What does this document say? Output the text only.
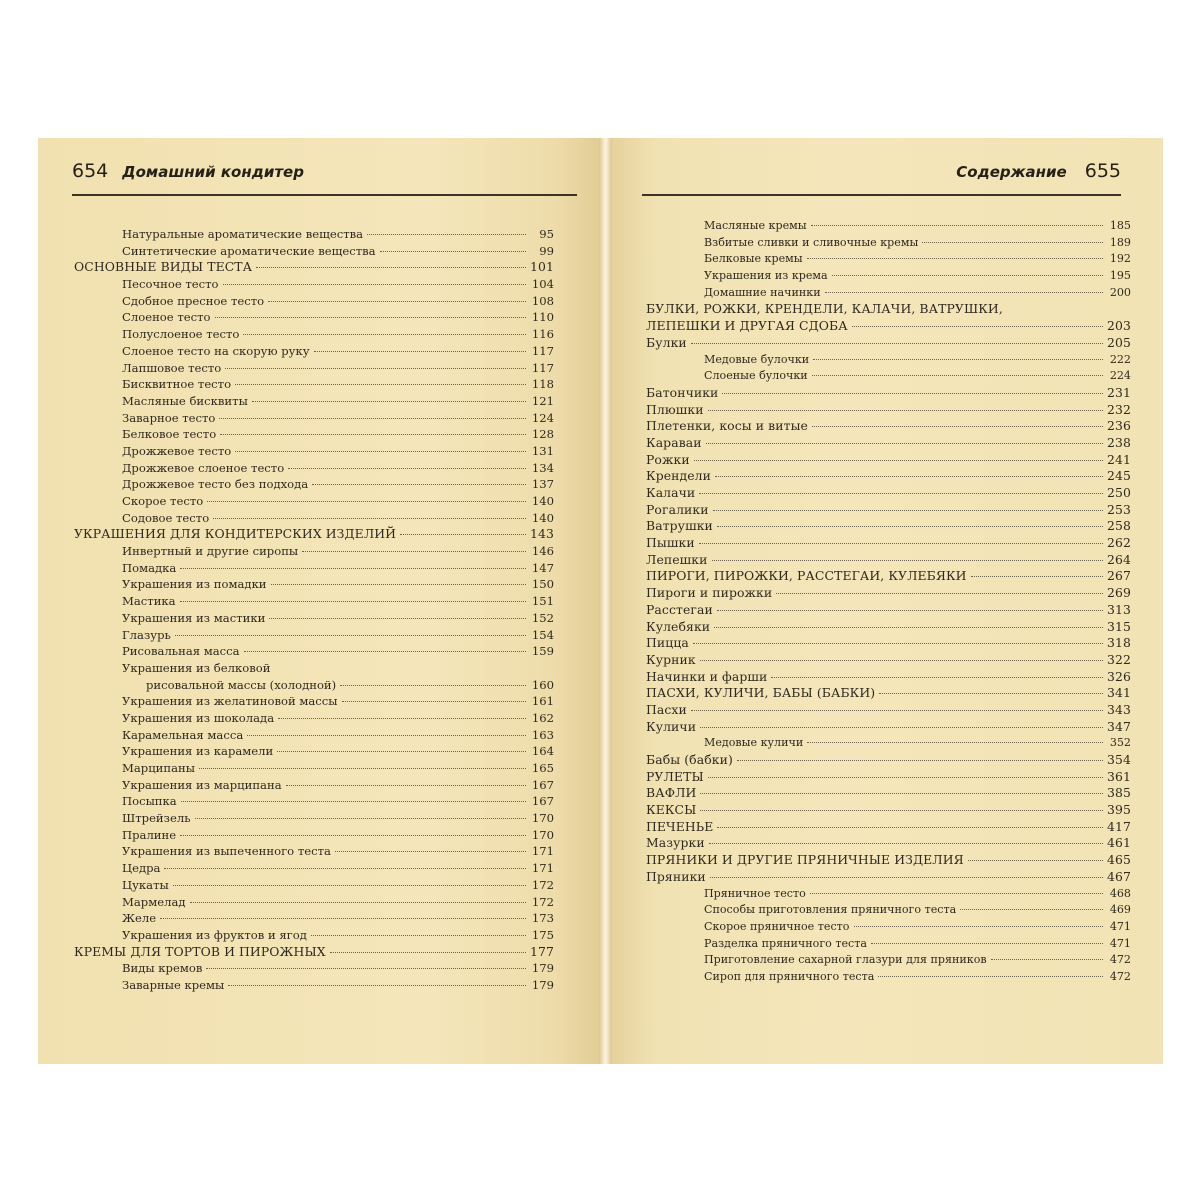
654 Домашний кондитер
Натуральные ароматические вещества	95
Синтетические ароматические вещества	99
ОСНОВНЫЕ ВИДЫ ТЕСТА	101
Песочное тесто	104
Сдобное пресное тесто	108
Слоеное тесто	110
Полуслоеное тесто	116
Слоеное тесто на скорую руку	117
Лапшовое тесто	117
Бисквитное тесто	118
Масляные бисквиты	121
Заварное тесто	124
Белковое тесто	128
Дрожжевое тесто	131
Дрожжевое слоеное тесто	134
Дрожжевое тесто без подхода	137
Скорое тесто	140
Содовое тесто	140
УКРАШЕНИЯ ДЛЯ КОНДИТЕРСКИХ ИЗДЕЛИЙ	143
Инвертный и другие сиропы	146
Помадка	147
Украшения из помадки	150
Мастика	151
Украшения из мастики	152
Глазурь	154
Рисовальная масса	159
Украшения из белковой
рисовальной массы (холодной)	160
Украшения из желатиновой массы	161
Украшения из шоколада	162
Карамельная масса	163
Украшения из карамели	164
Марципаны	165
Украшения из марципана	167
Посыпка	167
Штрейзель	170
Пралине	170
Украшения из выпеченного теста	171
Цедра	171
Цукаты	172
Мармелад	172
Желе	173
Украшения из фруктов и ягод	175
КРЕМЫ ДЛЯ ТОРТОВ И ПИРОЖНЫХ	177
Виды кремов	179
Заварные кремы	179
Содержание 655
Масляные кремы	185
Взбитые сливки и сливочные кремы	189
Белковые кремы	192
Украшения из крема	195
Домашние начинки	200
БУЛКИ, РОЖКИ, КРЕНДЕЛИ, КАЛАЧИ, ВАТРУШКИ,
ЛЕПЕШКИ И ДРУГАЯ СДОБА	203
Булки	205
Медовые булочки	222
Слоеные булочки	224
Батончики	231
Плюшки	232
Плетенки, косы и витые	236
Караваи	238
Рожки	241
Крендели	245
Калачи	250
Рогалики	253
Ватрушки	258
Пышки	262
Лепешки	264
ПИРОГИ, ПИРОЖКИ, РАССТЕГАИ, КУЛЕБЯКИ	267
Пироги и пирожки	269
Расстегаи	313
Кулебяки	315
Пицца	318
Курник	322
Начинки и фарши	326
ПАСХИ, КУЛИЧИ, БАБЫ (БАБКИ)	341
Пасхи	343
Куличи	347
Медовые куличи	352
Бабы (бабки)	354
РУЛЕТЫ	361
ВАФЛИ	385
КЕКСЫ	395
ПЕЧЕНЬЕ	417
Мазурки	461
ПРЯНИКИ И ДРУГИЕ ПРЯНИЧНЫЕ ИЗДЕЛИЯ	465
Пряники	467
Пряничное тесто	468
Способы приготовления пряничного теста	469
Скорое пряничное тесто	471
Разделка пряничного теста	471
Приготовление сахарной глазури для пряников	472
Сироп для пряничного теста	472
